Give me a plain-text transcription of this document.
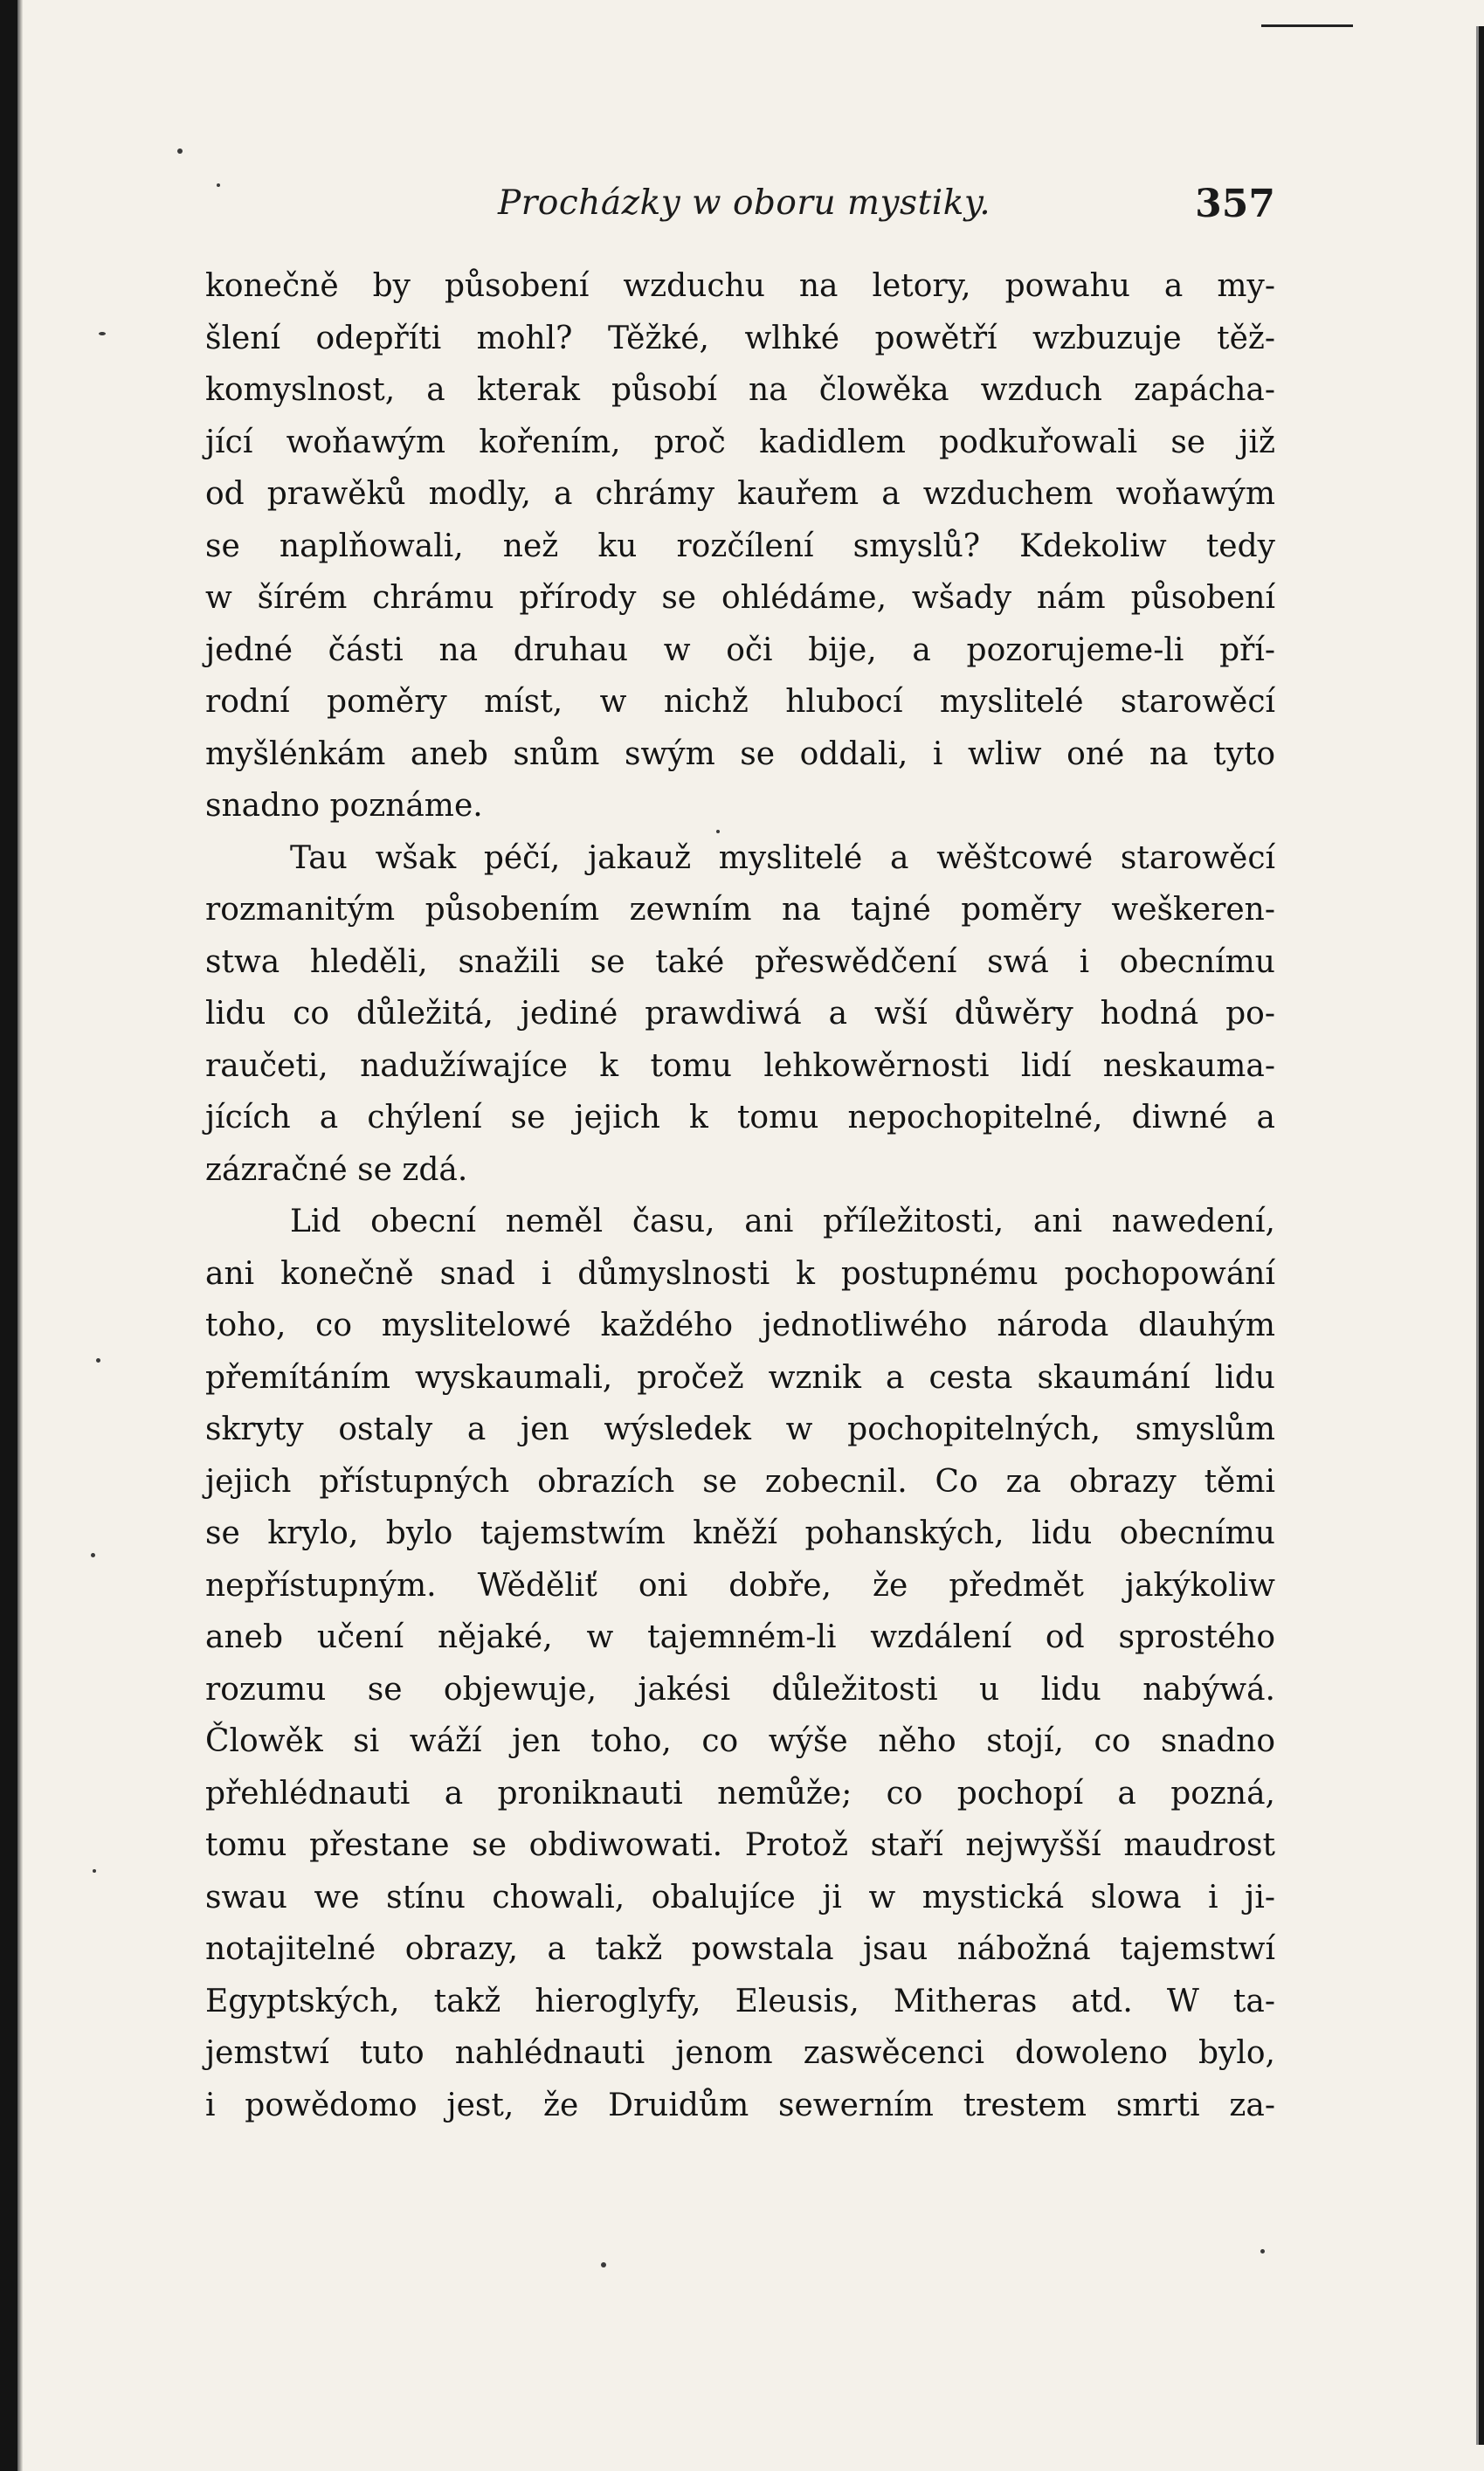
Procházky w oboru mystiky.	357
konečně by působení wzduchu na letory, powahu a my-
šlení odepříti mohl? Těžké, wlhké powětří wzbuzuje těž-
komyslnost, a kterak působí na člowěka wzduch zapácha-
jící woňawým kořením, proč kadidlem podkuřowali se již
od prawěků modly, a chrámy kauřem a wzduchem woňawým
se naplňowali, než ku rozčílení smyslů? Kdekoliw tedy
w šírém chrámu přírody se ohlédáme, wšady nám působení
jedné části na druhau w oči bije, a pozorujeme-li pří-
rodní poměry míst, w nichž hlubocí myslitelé starowěcí
myšlénkám aneb snům swým se oddali, i wliw oné na tyto
snadno poznáme.
Tau wšak péčí, jakauž myslitelé a wěštcowé starowěcí
rozmanitým působením zewním na tajné poměry weškeren-
stwa hleděli, snažili se také přeswědčení swá i obecnímu
lidu co důležitá, jediné prawdiwá a wší důwěry hodná po-
raučeti, nadužíwajíce k tomu lehkowěrnosti lidí neskauma-
jících a chýlení se jejich k tomu nepochopitelné, diwné a
zázračné se zdá.
Lid obecní neměl času, ani příležitosti, ani nawedení,
ani konečně snad i důmyslnosti k postupnému pochopowání
toho, co myslitelowé každého jednotliwého národa dlauhým
přemítáním wyskaumali, pročež wznik a cesta skaumání lidu
skryty ostaly a jen wýsledek w pochopitelných, smyslům
jejich přístupných obrazích se zobecnil. Co za obrazy těmi
se krylo, bylo tajemstwím kněží pohanských, lidu obecnímu
nepřístupným. Wěděliť oni dobře, že předmět jakýkoliw
aneb učení nějaké, w tajemném-li wzdálení od sprostého
rozumu se objewuje, jakési důležitosti u lidu nabýwá.
Člowěk si wáží jen toho, co wýše něho stojí, co snadno
přehlédnauti a proniknauti nemůže; co pochopí a pozná,
tomu přestane se obdiwowati. Protož staří nejwyšší maudrost
swau we stínu chowali, obalujíce ji w mystická slowa i ji-
notajitelné obrazy, a takž powstala jsau nábožná tajemstwí
Egyptských, takž hieroglyfy, Eleusis, Mitheras atd. W ta-
jemstwí tuto nahlédnauti jenom zaswěcenci dowoleno bylo,
i powědomo jest, že Druidům sewerním trestem smrti za-
